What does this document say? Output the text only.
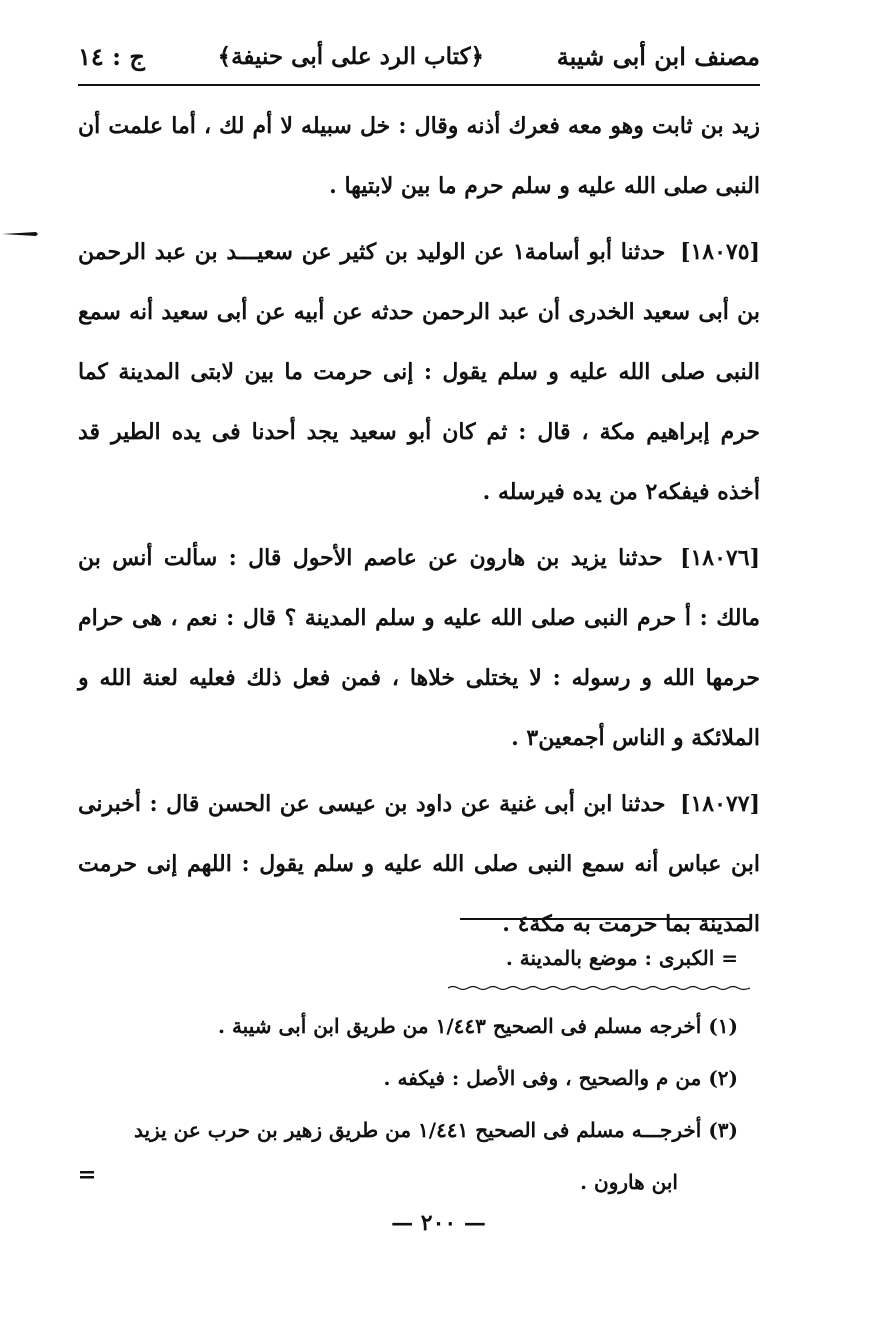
مصنف ابن أبى شيبة
﴿كتاب الرد على أبى حنيفة﴾
ج : ١٤

زيد بن ثابت وهو معه فعرك أذنه وقال : خل سبيله لا أم لك ، أما علمت أن النبى صلى الله عليه و سلم حرم ما بين لابتيها .

[١٨٠٧٥] حدثنا أبو أسامة١ عن الوليد بن كثير عن سعيـــد بن عبد الرحمن بن أبى سعيد الخدرى أن عبد الرحمن حدثه عن أبيه عن أبى سعيد أنه سمع النبى صلى الله عليه و سلم يقول : إنى حرمت ما بين لابتى المدينة كما حرم إبراهيم مكة ، قال : ثم كان أبو سعيد يجد أحدنا فى يده الطير قد أخذه فيفكه٢ من يده فيرسله .

[١٨٠٧٦] حدثنا يزيد بن هارون عن عاصم الأحول قال : سألت أنس بن مالك : أ حرم النبى صلى الله عليه و سلم المدينة ؟ قال : نعم ، هى حرام حرمها الله و رسوله : لا يختلى خلاها ، فمن فعل ذلك فعليه لعنة الله و الملائكة و الناس أجمعين٣ .

[١٨٠٧٧] حدثنا ابن أبى غنية عن داود بن عيسى عن الحسن قال : أخبرنى ابن عباس أنه سمع النبى صلى الله عليه و سلم يقول : اللهم إنى حرمت المدينة بما حرمت به مكة٤ .

= الكبرى : موضع بالمدينة .
(١) أخرجه مسلم فى الصحيح ١/٤٤٣ من طريق ابن أبى شيبة .
(٢) من م والصحيح ، وفى الأصل : فيكفه .
(٣) أخرجـــه مسلم فى الصحيح ١/٤٤١ من طريق زهير بن حرب عن يزيد
ابن هارون .
— ٢٠٠ —
